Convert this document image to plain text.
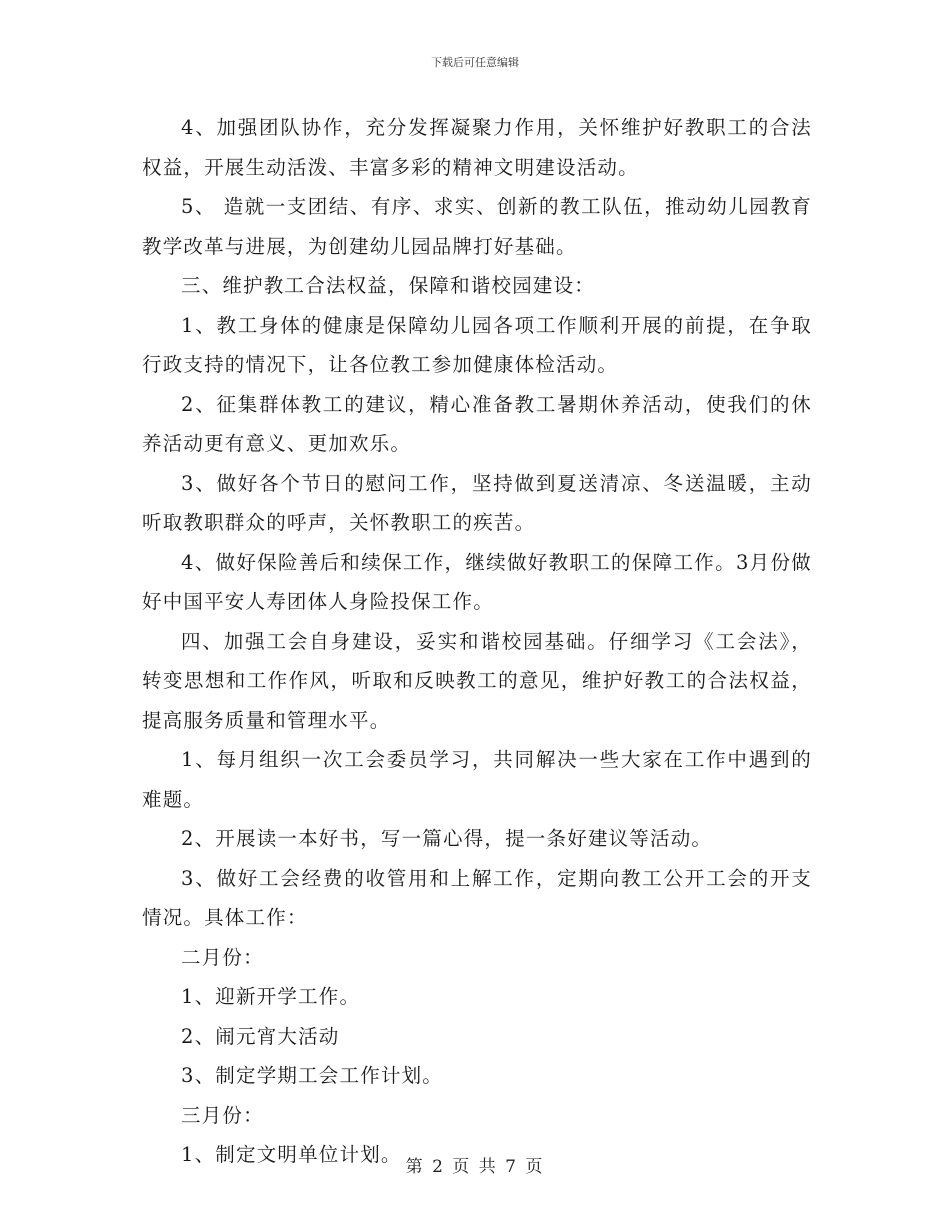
下载后可任意编辑

4、加强团队协作，充分发挥凝聚力作用，关怀维护好教职工的合法权益，开展生动活泼、丰富多彩的精神文明建设活动。

5、 造就一支团结、有序、求实、创新的教工队伍，推动幼儿园教育教学改革与进展，为创建幼儿园品牌打好基础。

三、维护教工合法权益，保障和谐校园建设：

1、教工身体的健康是保障幼儿园各项工作顺利开展的前提，在争取行政支持的情况下，让各位教工参加健康体检活动。

2、征集群体教工的建议，精心准备教工暑期休养活动，使我们的休养活动更有意义、更加欢乐。

3、做好各个节日的慰问工作，坚持做到夏送清凉、冬送温暖，主动听取教职群众的呼声，关怀教职工的疾苦。

4、做好保险善后和续保工作，继续做好教职工的保障工作。3月份做好中国平安人寿团体人身险投保工作。

四、加强工会自身建设，妥实和谐校园基础。仔细学习《工会法》，转变思想和工作作风，听取和反映教工的意见，维护好教工的合法权益，提高服务质量和管理水平。

1、每月组织一次工会委员学习，共同解决一些大家在工作中遇到的难题。

2、开展读一本好书，写一篇心得，提一条好建议等活动。

3、做好工会经费的收管用和上解工作，定期向教工公开工会的开支情况。具体工作：

二月份：

1、迎新开学工作。

2、闹元宵大活动

3、制定学期工会工作计划。

三月份：

1、制定文明单位计划。

第 2 页 共 7 页
